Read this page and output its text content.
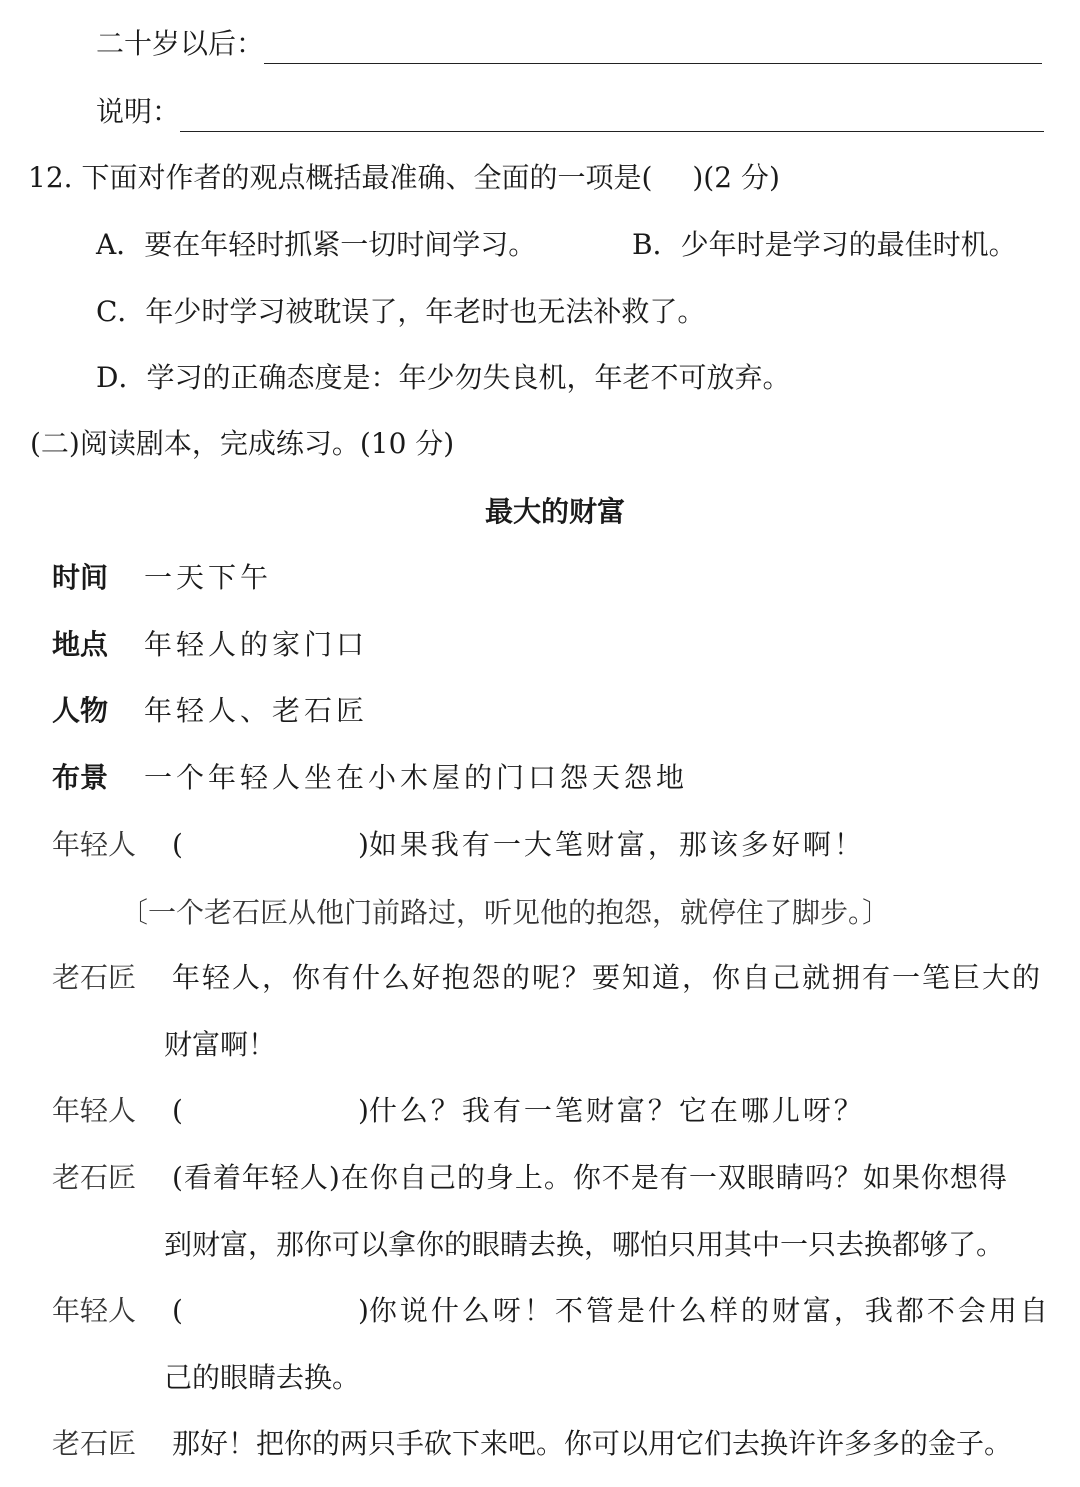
二十岁以后：
说明：
12. 下面对作者的观点概括最准确、全面的一项是( )(2 分)
A．要在年轻时抓紧一切时间学习。	B．少年时是学习的最佳时机。
C．年少时学习被耽误了，年老时也无法补救了。
D．学习的正确态度是：年少勿失良机，年老不可放弃。
(二)阅读剧本，完成练习。(10 分)
最大的财富
时间 一天下午
地点 年轻人的家门口
人物 年轻人、老石匠
布景 一个年轻人坐在小木屋的门口怨天怨地
年轻人 (	)如果我有一大笔财富，那该多好啊！
〔一个老石匠从他门前路过，听见他的抱怨，就停住了脚步。〕
老石匠 年轻人，你有什么好抱怨的呢？要知道，你自己就拥有一笔巨大的
财富啊！
年轻人 (	)什么？我有一笔财富？它在哪儿呀？
老石匠 (看着年轻人)在你自己的身上。你不是有一双眼睛吗？如果你想得
到财富，那你可以拿你的眼睛去换，哪怕只用其中一只去换都够了。
年轻人 (	)你说什么呀！不管是什么样的财富，我都不会用自
己的眼睛去换。
老石匠 那好！把你的两只手砍下来吧。你可以用它们去换许许多多的金子。
